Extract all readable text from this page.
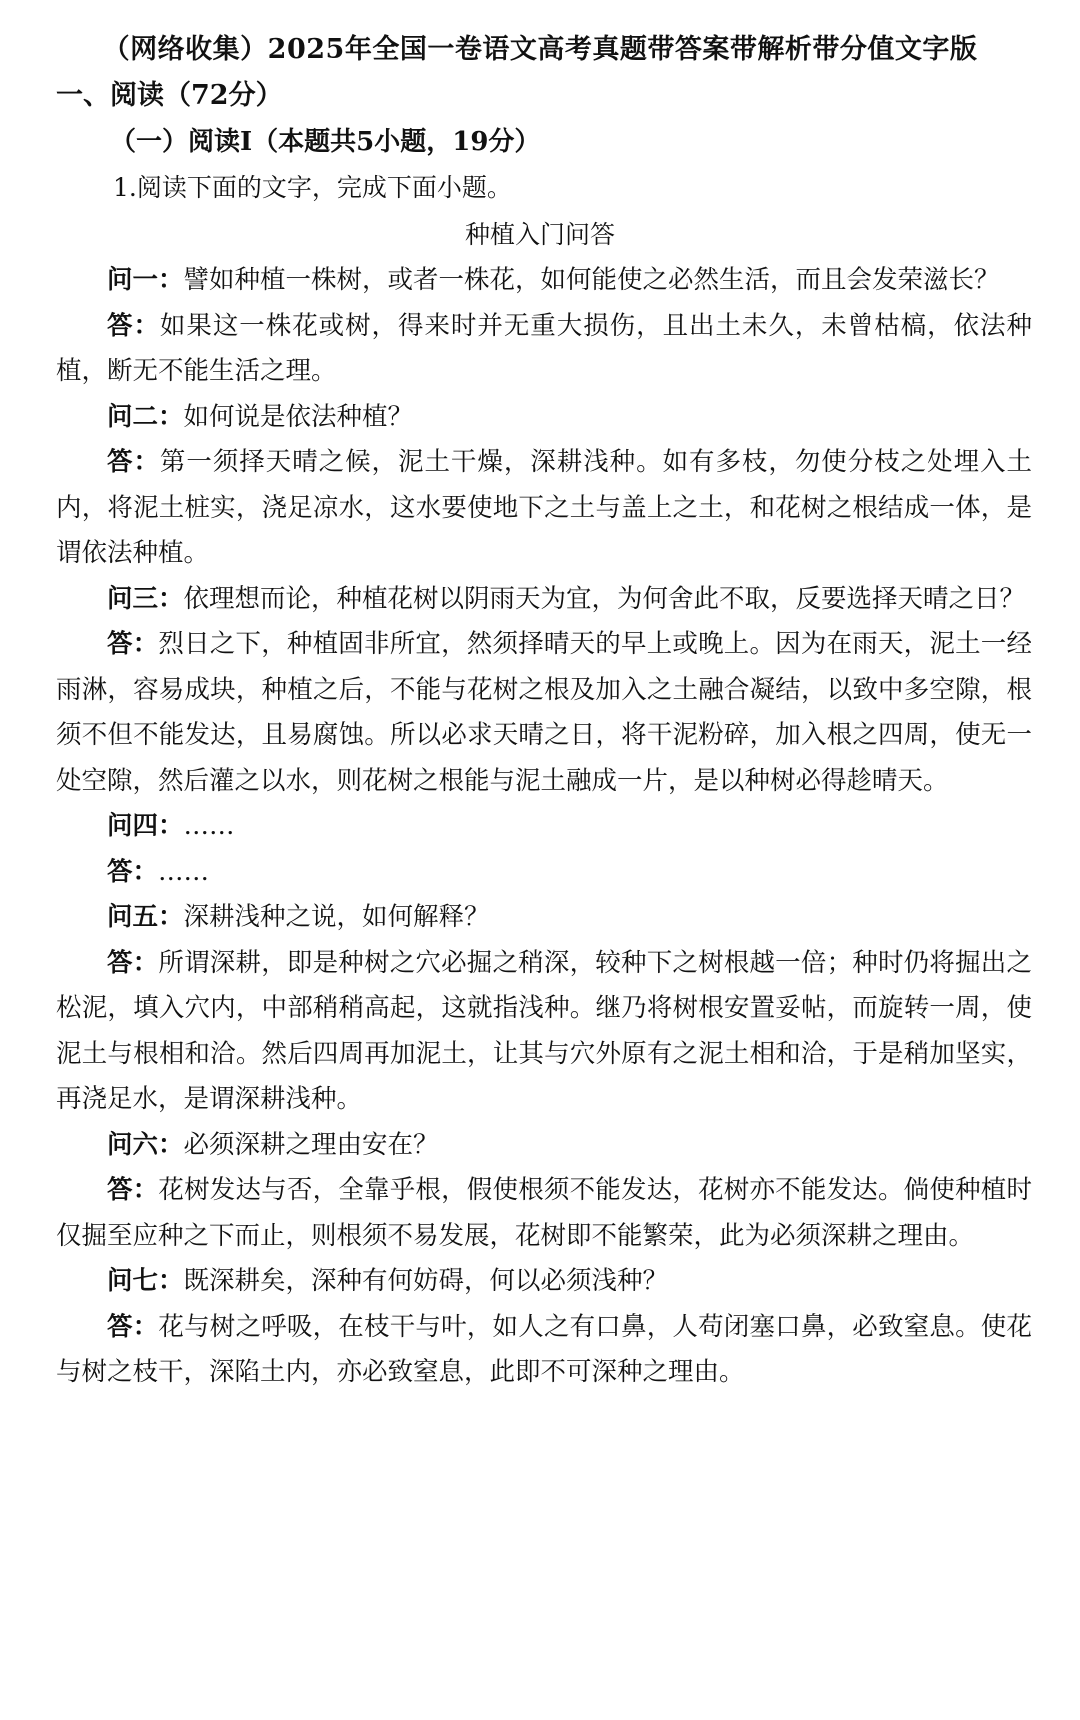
（网络收集）2025年全国一卷语文高考真题带答案带解析带分值文字版
一、阅读（72分）
（一）阅读Ⅰ（本题共5小题，19分）
1.阅读下面的文字，完成下面小题。
种植入门问答

问一：譬如种植一株树，或者一株花，如何能使之必然生活，而且会发荣滋长？

答：如果这一株花或树，得来时并无重大损伤，且出土未久，未曾枯槁，依法种植，断无不能生活之理。

问二：如何说是依法种植？

答：第一须择天晴之候，泥土干燥，深耕浅种。如有多枝，勿使分枝之处埋入土内，将泥土桩实，浇足凉水，这水要使地下之土与盖上之土，和花树之根结成一体，是谓依法种植。

问三：依理想而论，种植花树以阴雨天为宜，为何舍此不取，反要选择天晴之日？

答：烈日之下，种植固非所宜，然须择晴天的早上或晚上。因为在雨天，泥土一经雨淋，容易成块，种植之后，不能与花树之根及加入之土融合凝结，以致中多空隙，根须不但不能发达，且易腐蚀。所以必求天晴之日，将干泥粉碎，加入根之四周，使无一处空隙，然后灌之以水，则花树之根能与泥土融成一片，是以种树必得趁晴天。

问四：……

答：……

问五：深耕浅种之说，如何解释？

答：所谓深耕，即是种树之穴必掘之稍深，较种下之树根越一倍；种时仍将掘出之松泥，填入穴内，中部稍稍高起，这就指浅种。继乃将树根安置妥帖，而旋转一周，使泥土与根相和洽。然后四周再加泥土，让其与穴外原有之泥土相和洽，于是稍加坚实，再浇足水，是谓深耕浅种。

问六：必须深耕之理由安在？

答：花树发达与否，全靠乎根，假使根须不能发达，花树亦不能发达。倘使种植时仅掘至应种之下而止，则根须不易发展，花树即不能繁荣，此为必须深耕之理由。

问七：既深耕矣，深种有何妨碍，何以必须浅种？

答：花与树之呼吸，在枝干与叶，如人之有口鼻，人苟闭塞口鼻，必致窒息。使花与树之枝干，深陷土内，亦必致窒息，此即不可深种之理由。
